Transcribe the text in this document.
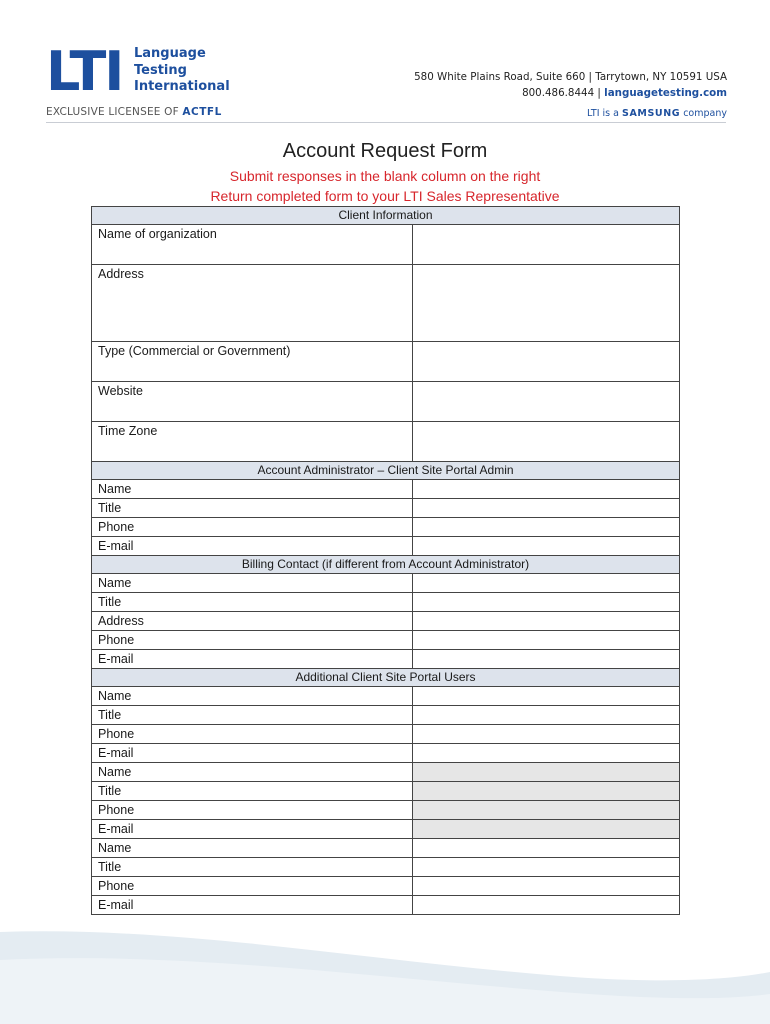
LTI Language
Testing
International
EXCLUSIVE LICENSEE OF ACTFL
580 White Plains Road, Suite 660 | Tarrytown, NY 10591 USA
800.486.8444 | languagetesting.com
LTI is a SAMSUNG company
Account Request Form
Submit responses in the blank column on the right
Return completed form to your LTI Sales Representative
Client Information	
Name of organization	
Address	
Type (Commercial or Government)	
Website	
Time Zone	
Account Administrator – Client Site Portal Admin	
Name	
Title	
Phone	
E-mail	
Billing Contact (if different from Account Administrator)	
Name	
Title	
Address	
Phone	
E-mail	
Additional Client Site Portal Users	
Name	
Title	
Phone	
E-mail	
Name	
Title	
Phone	
E-mail	
Name	
Title	
Phone	
E-mail	
